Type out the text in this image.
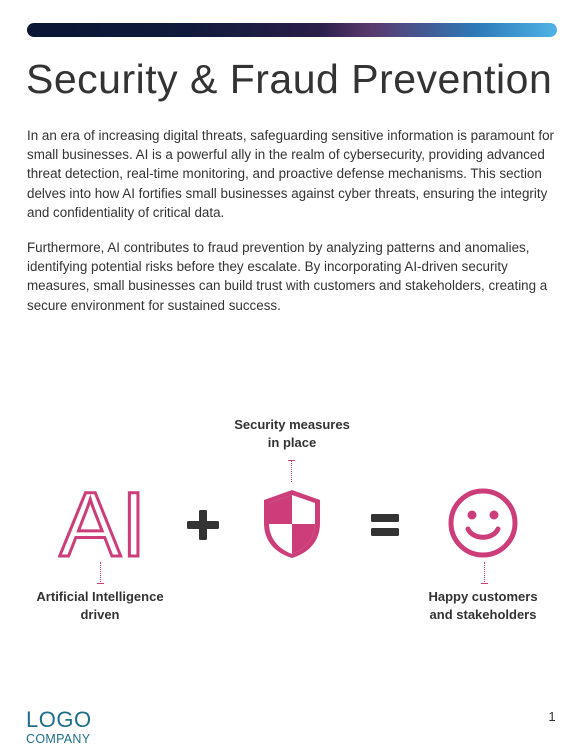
Security & Fraud Prevention

In an era of increasing digital threats, safeguarding sensitive information is paramount for small businesses. AI is a powerful ally in the realm of cybersecurity, providing advanced threat detection, real-time monitoring, and proactive defense mechanisms. This section delves into how AI fortifies small businesses against cyber threats, ensuring the integrity and confidentiality of critical data.

Furthermore, AI contributes to fraud prevention by analyzing patterns and anomalies, identifying potential risks before they escalate. By incorporating AI-driven security measures, small businesses can build trust with customers and stakeholders, creating a secure environment for sustained success.

Security measures
in place
AI
Artificial Intelligence
driven
Happy customers
and stakeholders
LOGO
COMPANY
1
